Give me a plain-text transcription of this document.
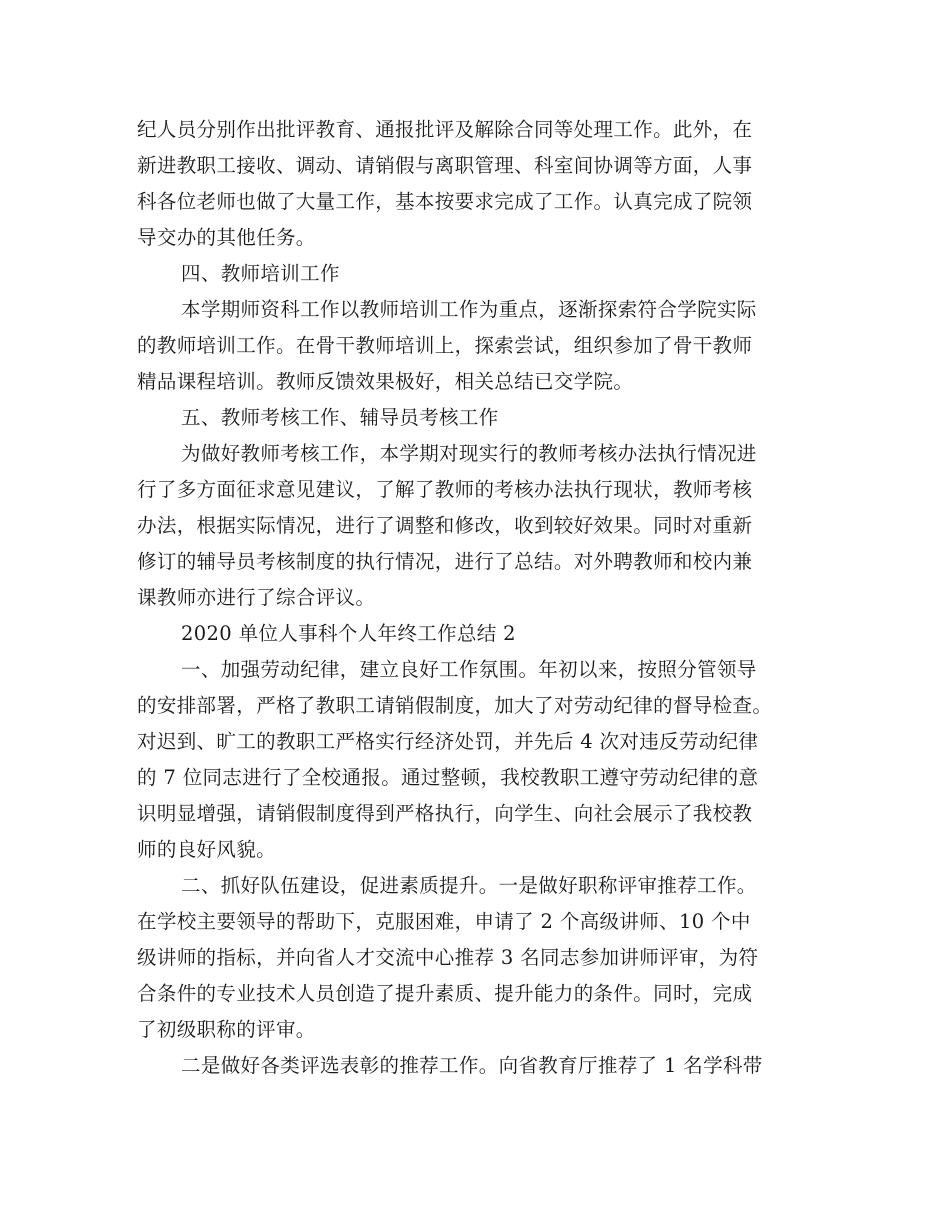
纪人员分别作出批评教育、通报批评及解除合同等处理工作。此外，在
新进教职工接收、调动、请销假与离职管理、科室间协调等方面，人事
科各位老师也做了大量工作，基本按要求完成了工作。认真完成了院领
导交办的其他任务。
四、教师培训工作
本学期师资科工作以教师培训工作为重点，逐渐探索符合学院实际
的教师培训工作。在骨干教师培训上，探索尝试，组织参加了骨干教师
精品课程培训。教师反馈效果极好，相关总结已交学院。
五、教师考核工作、辅导员考核工作
为做好教师考核工作，本学期对现实行的教师考核办法执行情况进
行了多方面征求意见建议，了解了教师的考核办法执行现状，教师考核
办法，根据实际情况，进行了调整和修改，收到较好效果。同时对重新
修订的辅导员考核制度的执行情况，进行了总结。对外聘教师和校内兼
课教师亦进行了综合评议。
2020 单位人事科个人年终工作总结 2
一、加强劳动纪律，建立良好工作氛围。年初以来，按照分管领导
的安排部署，严格了教职工请销假制度，加大了对劳动纪律的督导检查。
对迟到、旷工的教职工严格实行经济处罚，并先后 4 次对违反劳动纪律
的 7 位同志进行了全校通报。通过整顿，我校教职工遵守劳动纪律的意
识明显增强，请销假制度得到严格执行，向学生、向社会展示了我校教
师的良好风貌。
二、抓好队伍建设，促进素质提升。一是做好职称评审推荐工作。
在学校主要领导的帮助下，克服困难，申请了 2 个高级讲师、10 个中
级讲师的指标，并向省人才交流中心推荐 3 名同志参加讲师评审，为符
合条件的专业技术人员创造了提升素质、提升能力的条件。同时，完成
了初级职称的评审。
二是做好各类评选表彰的推荐工作。向省教育厅推荐了 1 名学科带
